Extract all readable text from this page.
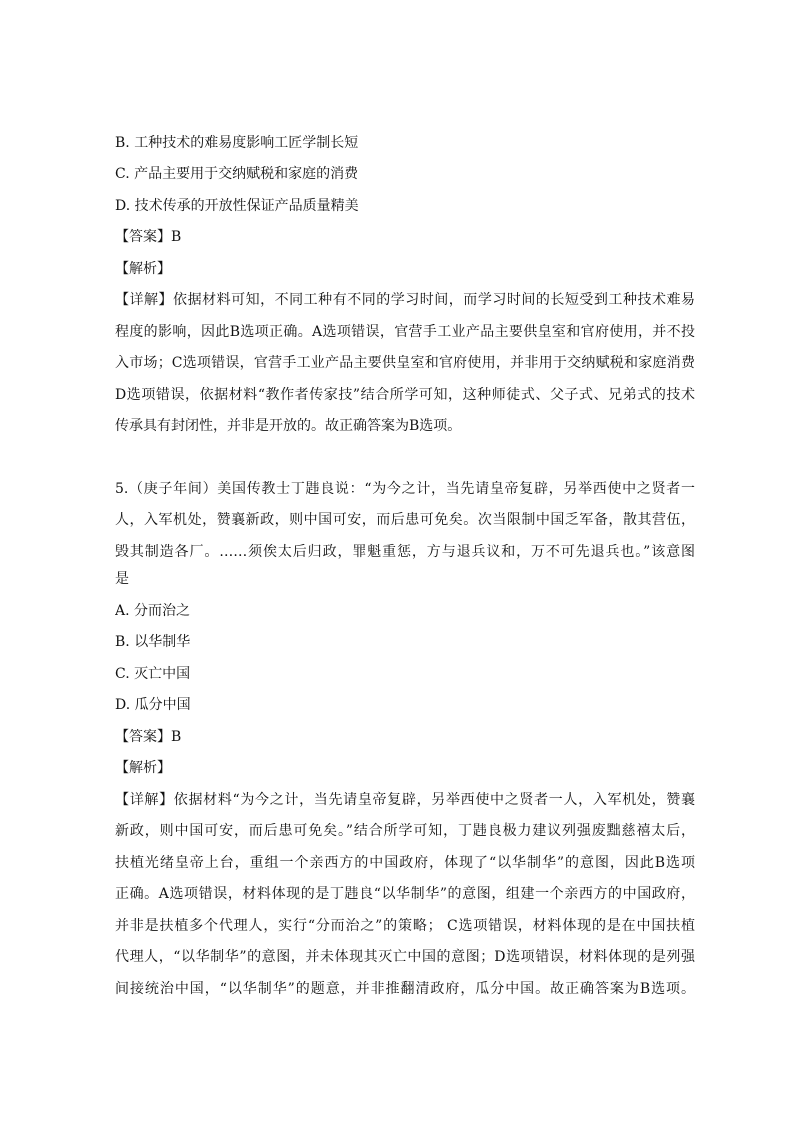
B. 工种技术的难易度影响工匠学制长短
C. 产品主要用于交纳赋税和家庭的消费
D. 技术传承的开放性保证产品质量精美
【答案】B
【解析】
【详解】依据材料可知，不同工种有不同的学习时间，而学习时间的长短受到工种技术难易
程度的影响，因此B选项正确。A选项错误，官营手工业产品主要供皇室和官府使用，并不投
入市场；C选项错误，官营手工业产品主要供皇室和官府使用，并非用于交纳赋税和家庭消费
D选项错误，依据材料“教作者传家技”结合所学可知，这种师徒式、父子式、兄弟式的技术
传承具有封闭性，并非是开放的。故正确答案为B选项。
5.（庚子年间）美国传教士丁韪良说：“为今之计，当先请皇帝复辟，另举西使中之贤者一
人，入军机处，赞襄新政，则中国可安，而后患可免矣。次当限制中国乏军备，散其营伍，
毁其制造各厂。……须俟太后归政，罪魁重惩，方与退兵议和，万不可先退兵也。”该意图
是
A. 分而治之
B. 以华制华
C. 灭亡中国
D. 瓜分中国
【答案】B
【解析】
【详解】依据材料“为今之计，当先请皇帝复辟，另举西使中之贤者一人，入军机处，赞襄
新政，则中国可安，而后患可免矣。”结合所学可知，丁韪良极力建议列强废黜慈禧太后，
扶植光绪皇帝上台，重组一个亲西方的中国政府，体现了“以华制华”的意图，因此B选项
正确。A选项错误，材料体现的是丁韪良“以华制华”的意图，组建一个亲西方的中国政府，
并非是扶植多个代理人，实行“分而治之”的策略； C选项错误，材料体现的是在中国扶植
代理人，“以华制华”的意图，并未体现其灭亡中国的意图；D选项错误，材料体现的是列强
间接统治中国，“以华制华”的题意，并非推翻清政府，瓜分中国。故正确答案为B选项。
